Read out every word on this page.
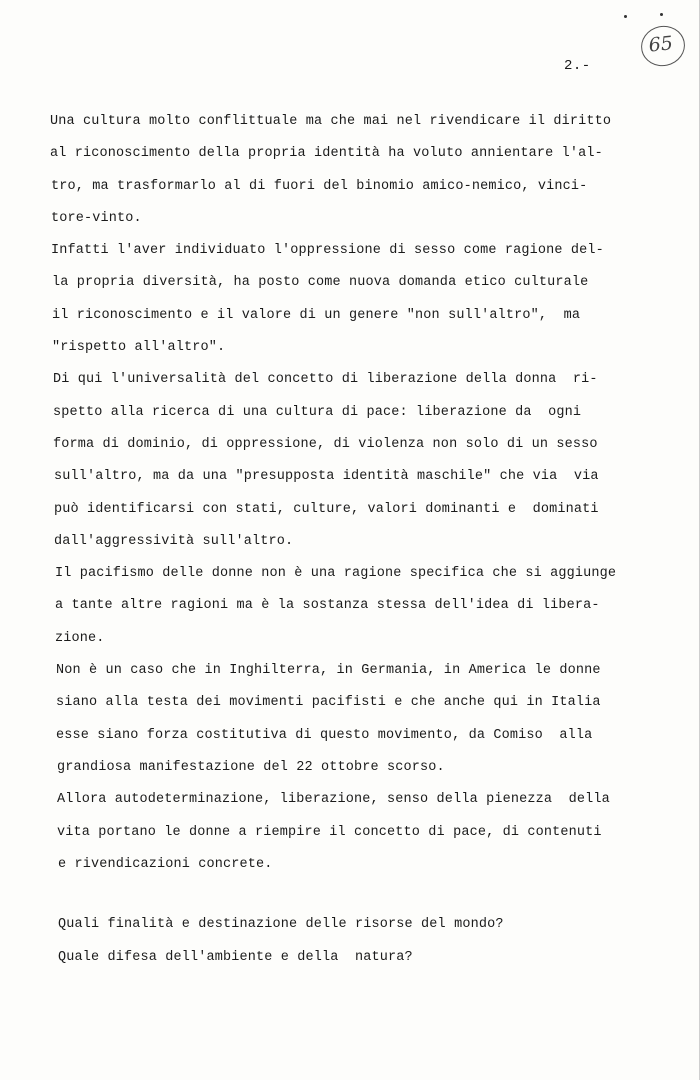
65
2.-
Una cultura molto conflittuale ma che mai nel rivendicare il diritto
al riconoscimento della propria identità ha voluto annientare l'al-
tro, ma trasformarlo al di fuori del binomio amico-nemico, vinci-
tore-vinto.
Infatti l'aver individuato l'oppressione di sesso come ragione del-
la propria diversità, ha posto come nuova domanda etico culturale
il riconoscimento e il valore di un genere "non sull'altro",  ma
"rispetto all'altro".
Di qui l'universalità del concetto di liberazione della donna  ri-
spetto alla ricerca di una cultura di pace: liberazione da  ogni
forma di dominio, di oppressione, di violenza non solo di un sesso
sull'altro, ma da una "presupposta identità maschile" che via  via
può identificarsi con stati, culture, valori dominanti e  dominati
dall'aggressività sull'altro.
Il pacifismo delle donne non è una ragione specifica che si aggiunge
a tante altre ragioni ma è la sostanza stessa dell'idea di libera-
zione.
Non è un caso che in Inghilterra, in Germania, in America le donne
siano alla testa dei movimenti pacifisti e che anche qui in Italia
esse siano forza costitutiva di questo movimento, da Comiso  alla
grandiosa manifestazione del 22 ottobre scorso.
Allora autodeterminazione, liberazione, senso della pienezza  della
vita portano le donne a riempire il concetto di pace, di contenuti
e rivendicazioni concrete.
Quali finalità e destinazione delle risorse del mondo?
Quale difesa dell'ambiente e della  natura?
